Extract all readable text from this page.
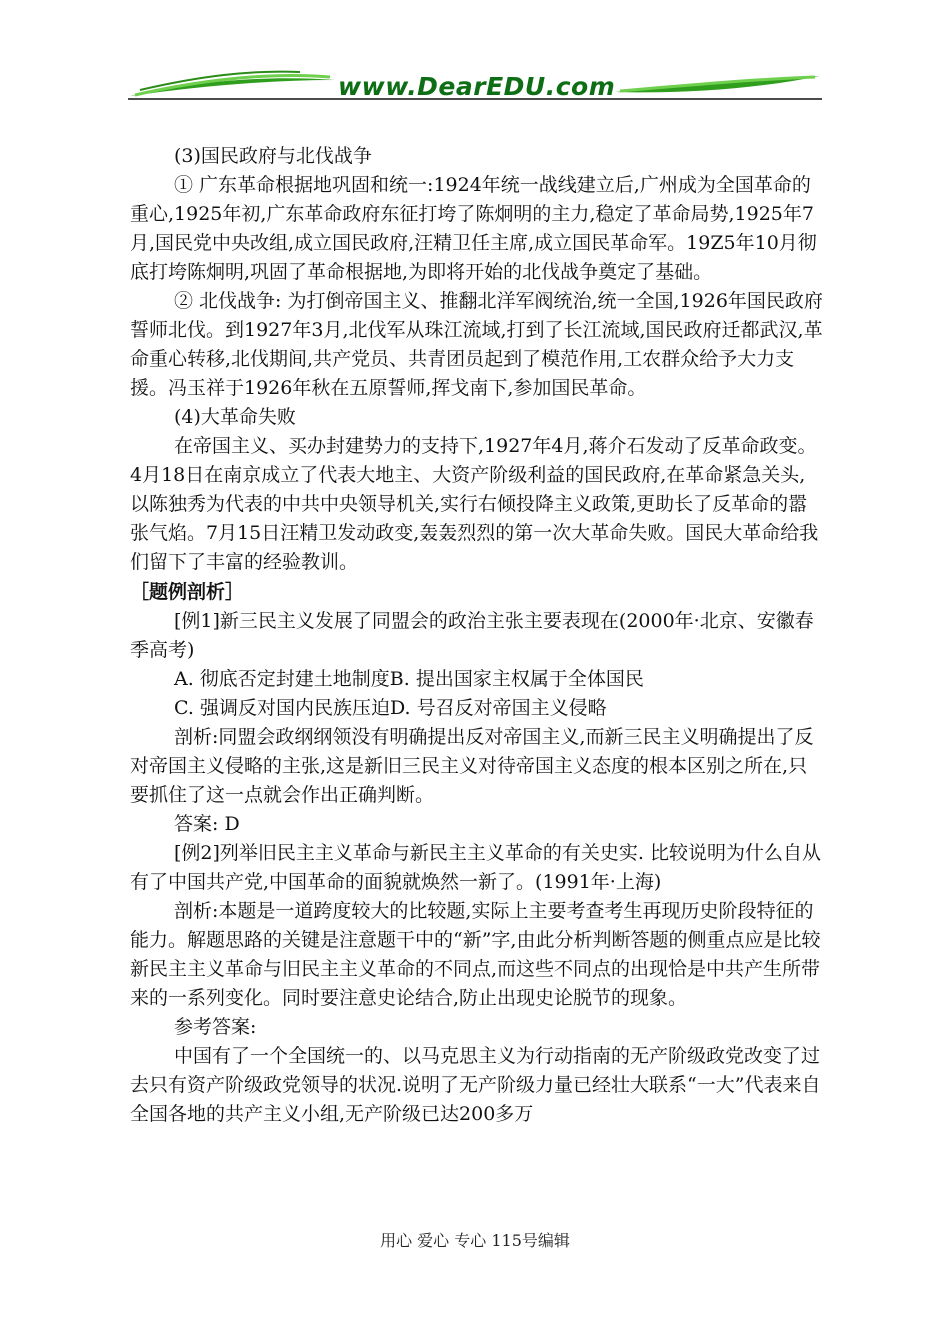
www.DearEDU.com

(3)国民政府与北伐战争

① 广东革命根据地巩固和统一:1924年统一战线建立后,广州成为全国革命的重心,1925年初,广东革命政府东征打垮了陈炯明的主力,稳定了革命局势,1925年7月,国民党中央改组,成立国民政府,汪精卫任主席,成立国民革命军。19Z5年10月彻底打垮陈炯明,巩固了革命根据地,为即将开始的北伐战争奠定了基础。

② 北伐战争: 为打倒帝国主义、推翻北洋军阀统治,统一全国,1926年国民政府誓师北伐。到1927年3月,北伐军从珠江流域,打到了长江流域,国民政府迁都武汉,革命重心转移,北伐期间,共产党员、共青团员起到了模范作用,工农群众给予大力支援。冯玉祥于1926年秋在五原誓师,挥戈南下,参加国民革命。

(4)大革命失败

在帝国主义、买办封建势力的支持下,1927年4月,蒋介石发动了反革命政变。4月18日在南京成立了代表大地主、大资产阶级利益的国民政府,在革命紧急关头,以陈独秀为代表的中共中央领导机关,实行右倾投降主义政策,更助长了反革命的嚣张气焰。7月15日汪精卫发动政变,轰轰烈烈的第一次大革命失败。国民大革命给我们留下了丰富的经验教训。

［题例剖析］

[例1]新三民主义发展了同盟会的政治主张主要表现在(2000年·北京、安徽春季高考)

A. 彻底否定封建土地制度B. 提出国家主权属于全体国民

C. 强调反对国内民族压迫D. 号召反对帝国主义侵略

剖析:同盟会政纲纲领没有明确提出反对帝国主义,而新三民主义明确提出了反对帝国主义侵略的主张,这是新旧三民主义对待帝国主义态度的根本区别之所在,只要抓住了这一点就会作出正确判断。

答案: D

[例2]列举旧民主主义革命与新民主主义革命的有关史实. 比较说明为什么自从有了中国共产党,中国革命的面貌就焕然一新了。(1991年·上海)

剖析:本题是一道跨度较大的比较题,实际上主要考查考生再现历史阶段特征的能力。解题思路的关键是注意题干中的“新”字,由此分析判断答题的侧重点应是比较新民主主义革命与旧民主主义革命的不同点,而这些不同点的出现恰是中共产生所带来的一系列变化。同时要注意史论结合,防止出现史论脱节的现象。

参考答案:

中国有了一个全国统一的、以马克思主义为行动指南的无产阶级政党改变了过去只有资产阶级政党领导的状况.说明了无产阶级力量已经壮大联系“一大”代表来自全国各地的共产主义小组,无产阶级已达200多万

用心 爱心 专心 115号编辑
